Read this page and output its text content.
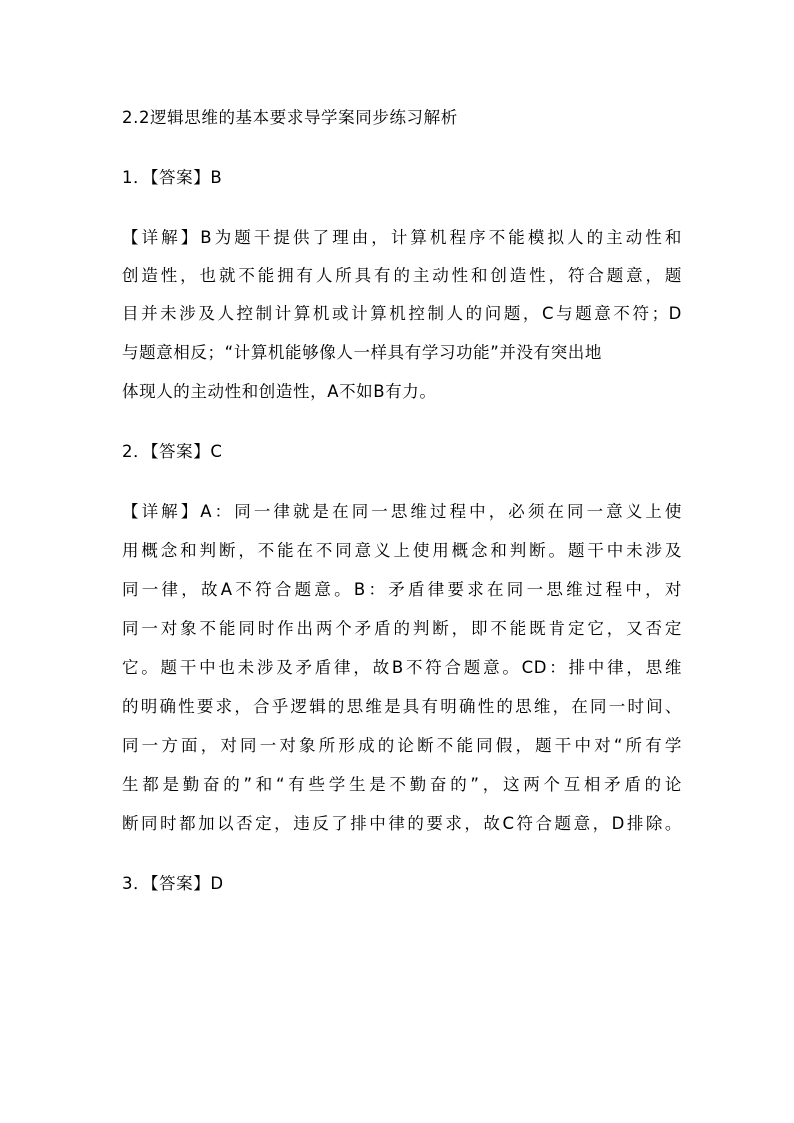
2.2逻辑思维的基本要求导学案同步练习解析
1．【答案】B
【详解】B为题干提供了理由，计算机程序不能模拟人的主动性和
创造性，也就不能拥有人所具有的主动性和创造性，符合题意，题
目并未涉及人控制计算机或计算机控制人的问题，C与题意不符；D
与题意相反；“计算机能够像人一样具有学习功能”并没有突出地
体现人的主动性和创造性，A不如B有力。
2．【答案】C
【详解】A：同一律就是在同一思维过程中，必须在同一意义上使
用概念和判断，不能在不同意义上使用概念和判断。题干中未涉及
同一律，故A不符合题意。B：矛盾律要求在同一思维过程中，对
同一对象不能同时作出两个矛盾的判断，即不能既肯定它，又否定
它。题干中也未涉及矛盾律，故B不符合题意。CD：排中律，思维
的明确性要求，合乎逻辑的思维是具有明确性的思维，在同一时间、
同一方面，对同一对象所形成的论断不能同假，题干中对“所有学
生都是勤奋的”和“有些学生是不勤奋的”，这两个互相矛盾的论
断同时都加以否定，违反了排中律的要求，故C符合题意，D排除。
3．【答案】D
